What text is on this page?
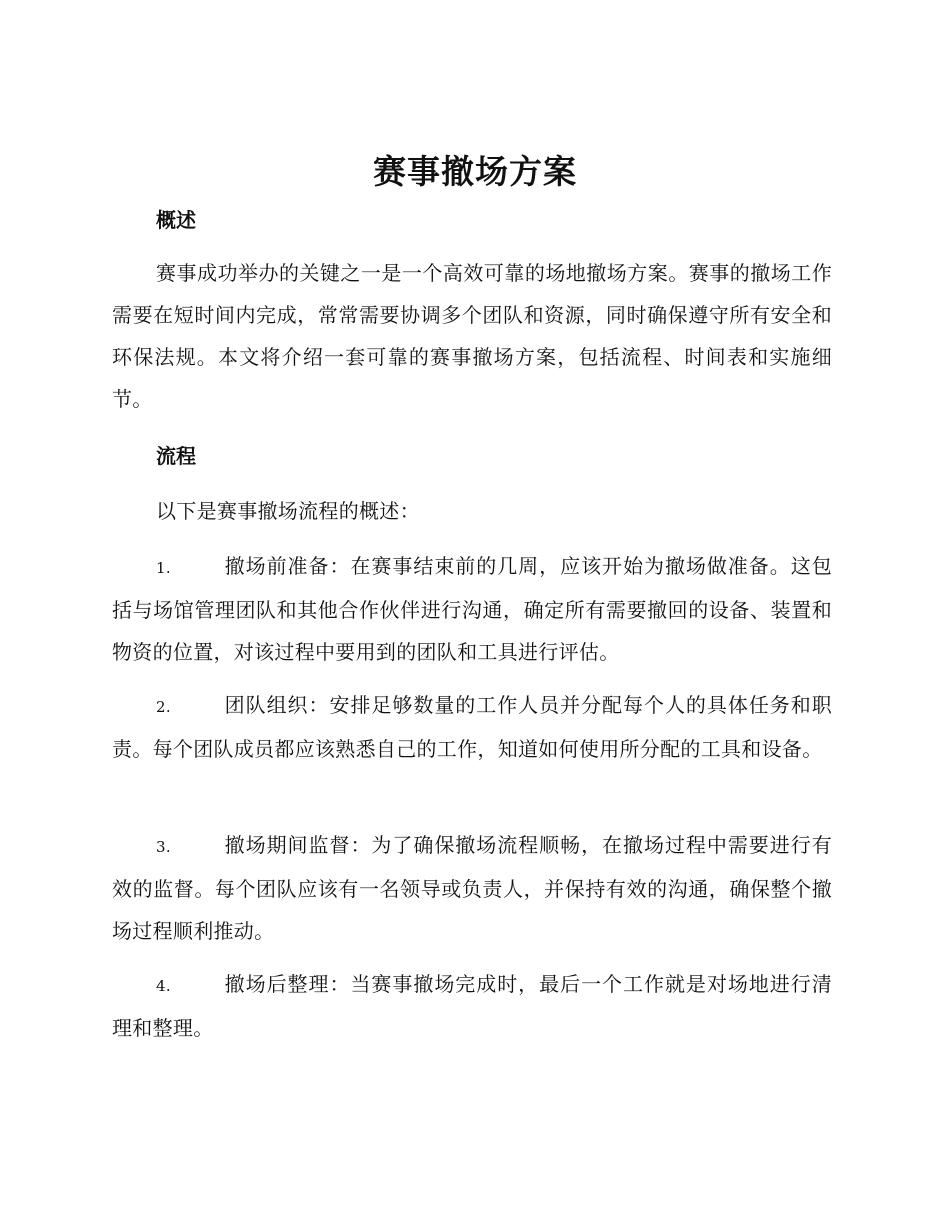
赛事撤场方案
概述

赛事成功举办的关键之一是一个高效可靠的场地撤场方案。赛事的撤场工作需要在短时间内完成，常常需要协调多个团队和资源，同时确保遵守所有安全和环保法规。本文将介绍一套可靠的赛事撤场方案，包括流程、时间表和实施细节。

流程

以下是赛事撤场流程的概述：

1.	撤场前准备：在赛事结束前的几周，应该开始为撤场做准备。这包括与场馆管理团队和其他合作伙伴进行沟通，确定所有需要撤回的设备、装置和物资的位置，对该过程中要用到的团队和工具进行评估。

2.	团队组织：安排足够数量的工作人员并分配每个人的具体任务和职责。每个团队成员都应该熟悉自己的工作，知道如何使用所分配的工具和设备。

3.	撤场期间监督：为了确保撤场流程顺畅，在撤场过程中需要进行有效的监督。每个团队应该有一名领导或负责人，并保持有效的沟通，确保整个撤场过程顺利推动。

4.	撤场后整理：当赛事撤场完成时，最后一个工作就是对场地进行清理和整理。
